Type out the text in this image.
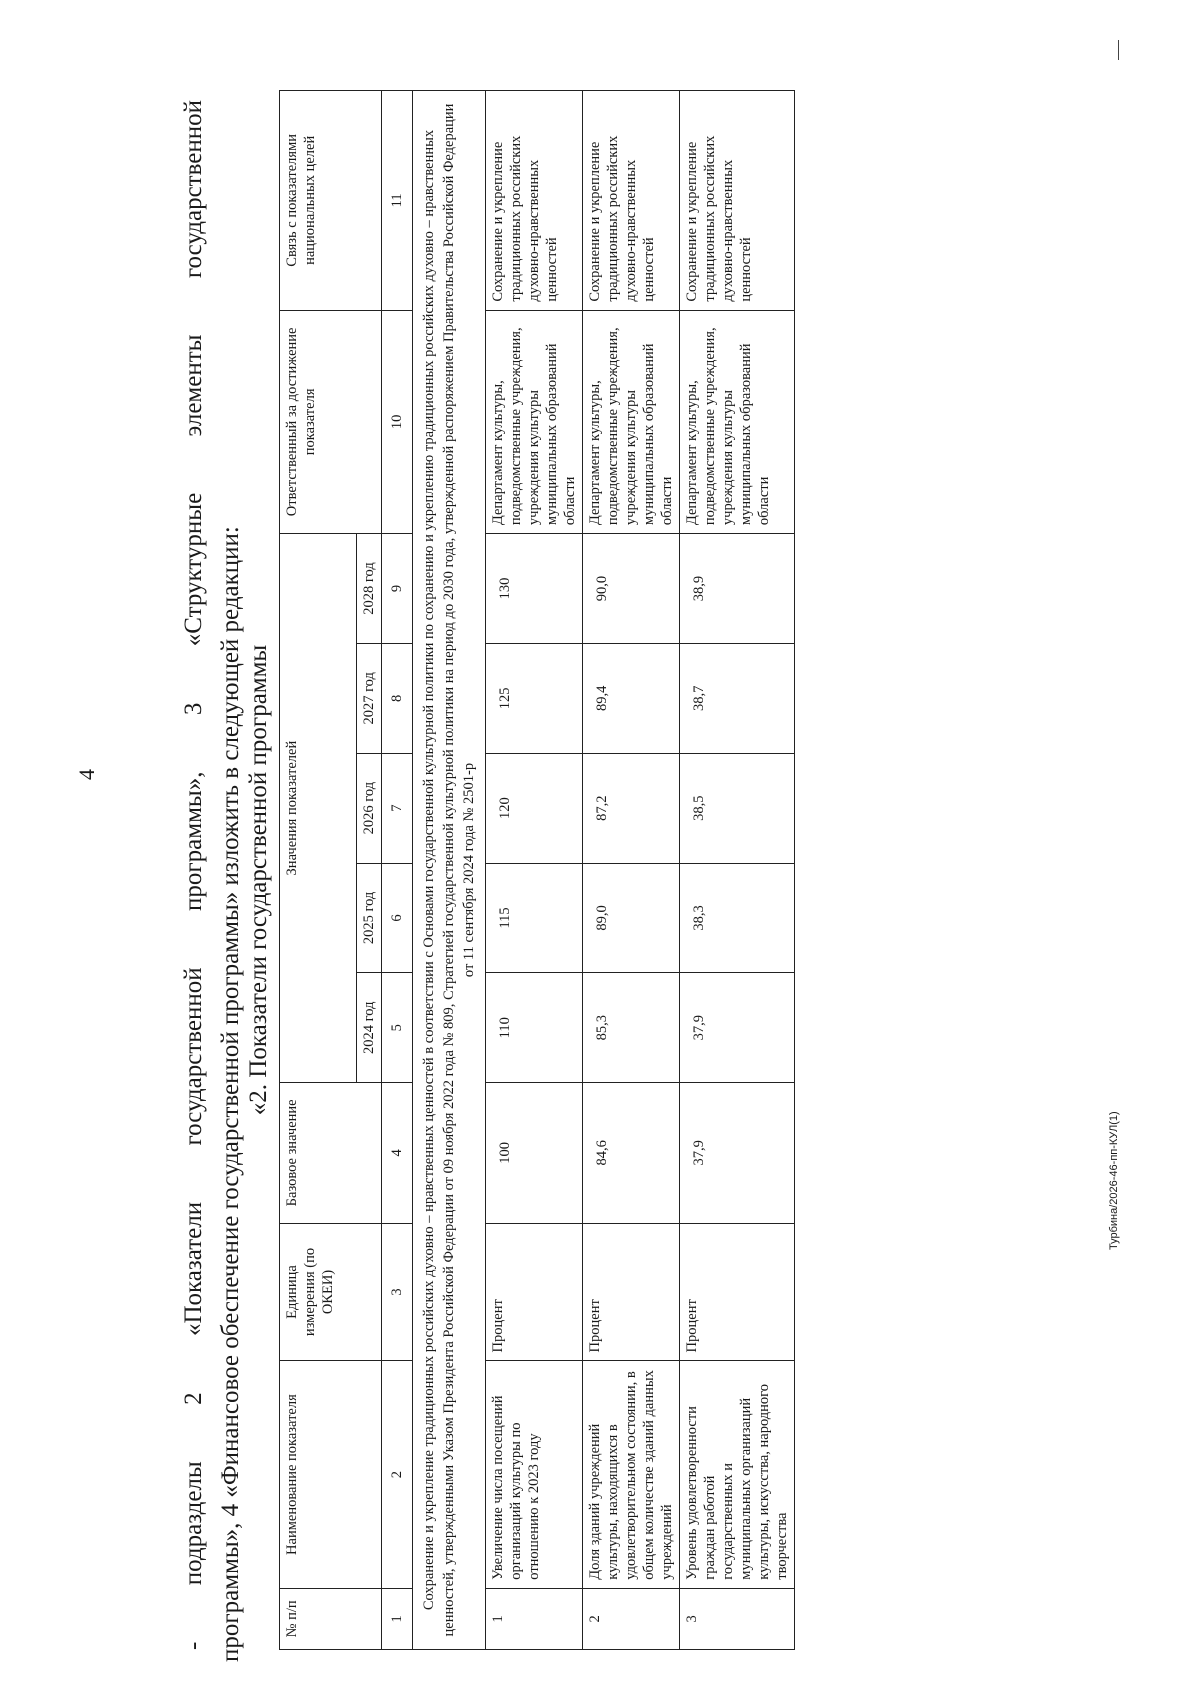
4
Турбина/2026-46-пп-КУЛ(1)

- подразделы 2 «Показатели государственной программы», 3 «Структурные элементы государственной программы», 4 «Финансовое обеспечение государственной программы» изложить в следующей редакции: «2. Показатели государственной программы
№ п/п	Наименование показателя	Единица измерения (по ОКЕИ)	Базовое значение	Значения показателей					Ответственный за достижение показателя	Связь с показателями национальных целей
				2024 год	2025 год	2026 год	2027 год	2028 год		
1	2	3	4	5	6	7	8	9	10	11
Сохранение и укрепление традиционных российских духовно – нравственных ценностей в соответствии с Основами государственной культурной политики по сохранению и укреплению традиционных российских духовно – нравственных ценностей, утвержденными Указом Президента Российской Федерации от 09 ноября 2022 года № 809, Стратегией государственной культурной политики на период до 2030 года, утвержденной распоряжением Правительства Российской Федерации от 11 сентября 2024 года № 2501-р										
1	Увеличение числа посещений организаций культуры по отношению к 2023 году	Процент	100	110	115	120	125	130	Департамент культуры, подведомственные учреждения, учреждения культуры муниципальных образований области	Сохранение и укрепление традиционных российских духовно-нравственных ценностей
2	Доля зданий учреждений культуры, находящихся в удовлетворительном состоянии, в общем количестве зданий данных учреждений	Процент	84,6	85,3	89,0	87,2	89,4	90,0	Департамент культуры, подведомственные учреждения, учреждения культуры муниципальных образований области	Сохранение и укрепление традиционных российских духовно-нравственных ценностей
3	Уровень удовлетворенности граждан работой государственных и муниципальных организаций культуры, искусства, народного творчества	Процент	37,9	37,9	38,3	38,5	38,7	38,9	Департамент культуры, подведомственные учреждения, учреждения культуры муниципальных образований области	Сохранение и укрепление традиционных российских духовно-нравственных ценностей
